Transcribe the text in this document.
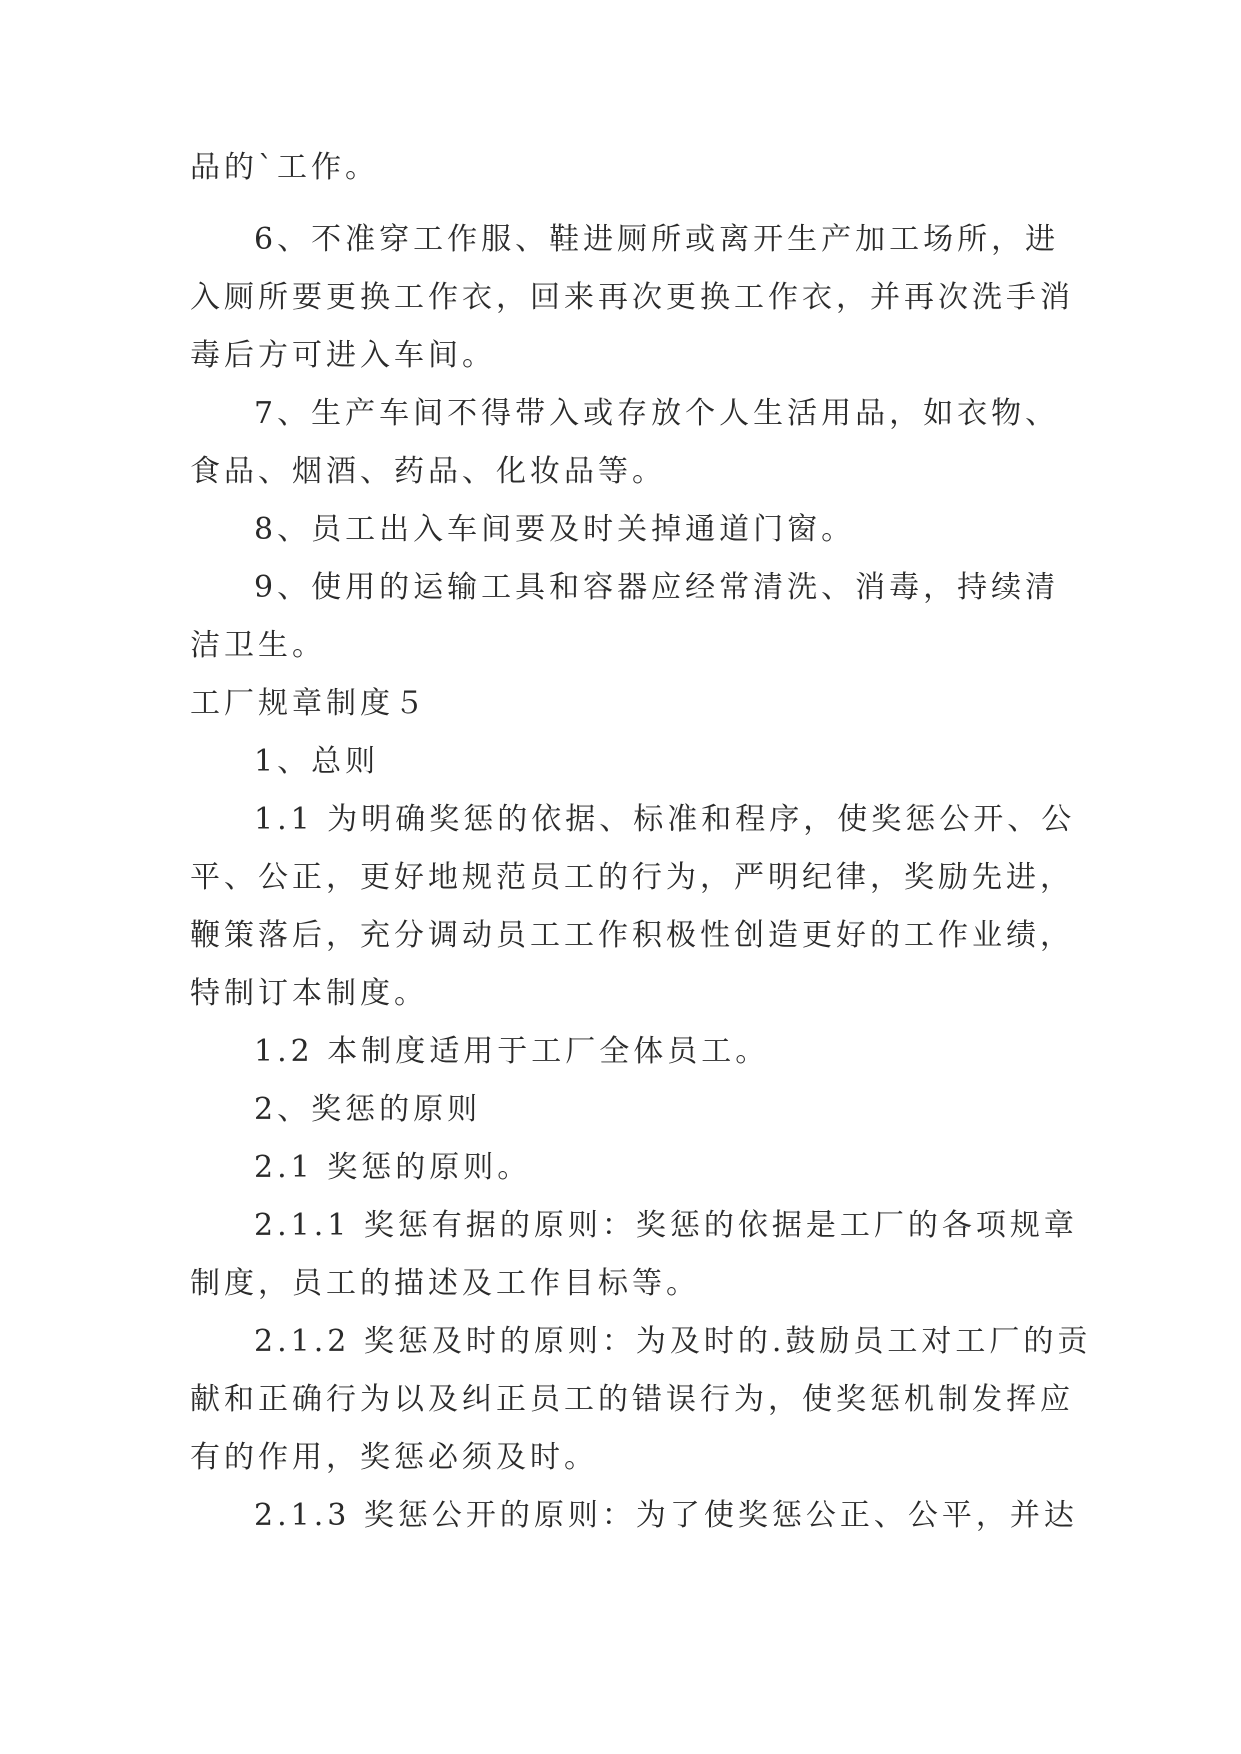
品的`工作。
6、不准穿工作服、鞋进厕所或离开生产加工场所，进
入厕所要更换工作衣，回来再次更换工作衣，并再次洗手消
毒后方可进入车间。
7、生产车间不得带入或存放个人生活用品，如衣物、
食品、烟酒、药品、化妆品等。
8、员工出入车间要及时关掉通道门窗。
9、使用的运输工具和容器应经常清洗、消毒，持续清
洁卫生。
工厂规章制度５
1、总则
1.1 为明确奖惩的依据、标准和程序，使奖惩公开、公
平、公正，更好地规范员工的行为，严明纪律，奖励先进，
鞭策落后，充分调动员工工作积极性创造更好的工作业绩，
特制订本制度。
1.2 本制度适用于工厂全体员工。
2、奖惩的原则
2.1 奖惩的原则。
2.1.1 奖惩有据的原则：奖惩的依据是工厂的各项规章
制度，员工的描述及工作目标等。
2.1.2 奖惩及时的原则：为及时的.鼓励员工对工厂的贡
献和正确行为以及纠正员工的错误行为，使奖惩机制发挥应
有的作用，奖惩必须及时。
2.1.3 奖惩公开的原则：为了使奖惩公正、公平，并达
